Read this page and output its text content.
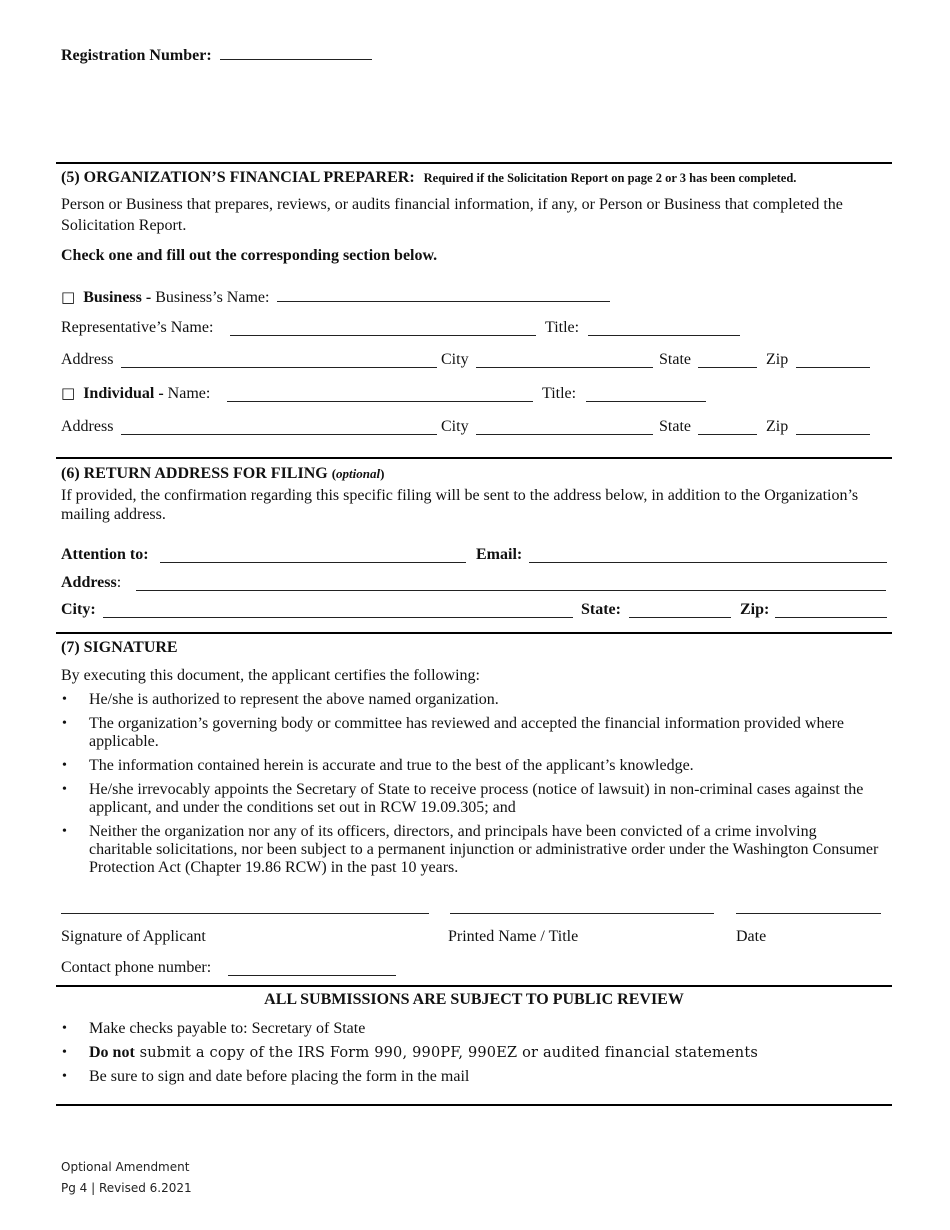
Registration Number:
(5) ORGANIZATION’S FINANCIAL PREPARER: Required if the Solicitation Report on page 2 or 3 has been completed.
Person or Business that prepares, reviews, or audits financial information, if any, or Person or Business that completed the Solicitation Report.
Check one and fill out the corresponding section below.
□ Business - Business’s Name:
Representative’s Name:	Title:
Address	City	State	Zip
□ Individual - Name:	Title:
Address	City	State	Zip
(6) RETURN ADDRESS FOR FILING (optional)
If provided, the confirmation regarding this specific filing will be sent to the address below, in addition to the Organization’s mailing address.
Attention to:	Email:
Address:
City:	State:	Zip:
(7) SIGNATURE
By executing this document, the applicant certifies the following:
• He/she is authorized to represent the above named organization.
• The organization’s governing body or committee has reviewed and accepted the financial information provided where applicable.
• The information contained herein is accurate and true to the best of the applicant’s knowledge.
• He/she irrevocably appoints the Secretary of State to receive process (notice of lawsuit) in non-criminal cases against the applicant, and under the conditions set out in RCW 19.09.305; and
• Neither the organization nor any of its officers, directors, and principals have been convicted of a crime involving charitable solicitations, nor been subject to a permanent injunction or administrative order under the Washington Consumer Protection Act (Chapter 19.86 RCW) in the past 10 years.
Signature of Applicant	Printed Name / Title	Date
Contact phone number:
ALL SUBMISSIONS ARE SUBJECT TO PUBLIC REVIEW
• Make checks payable to: Secretary of State
• Do not submit a copy of the IRS Form 990, 990PF, 990EZ or audited financial statements
• Be sure to sign and date before placing the form in the mail
Optional Amendment
Pg 4 | Revised 6.2021
